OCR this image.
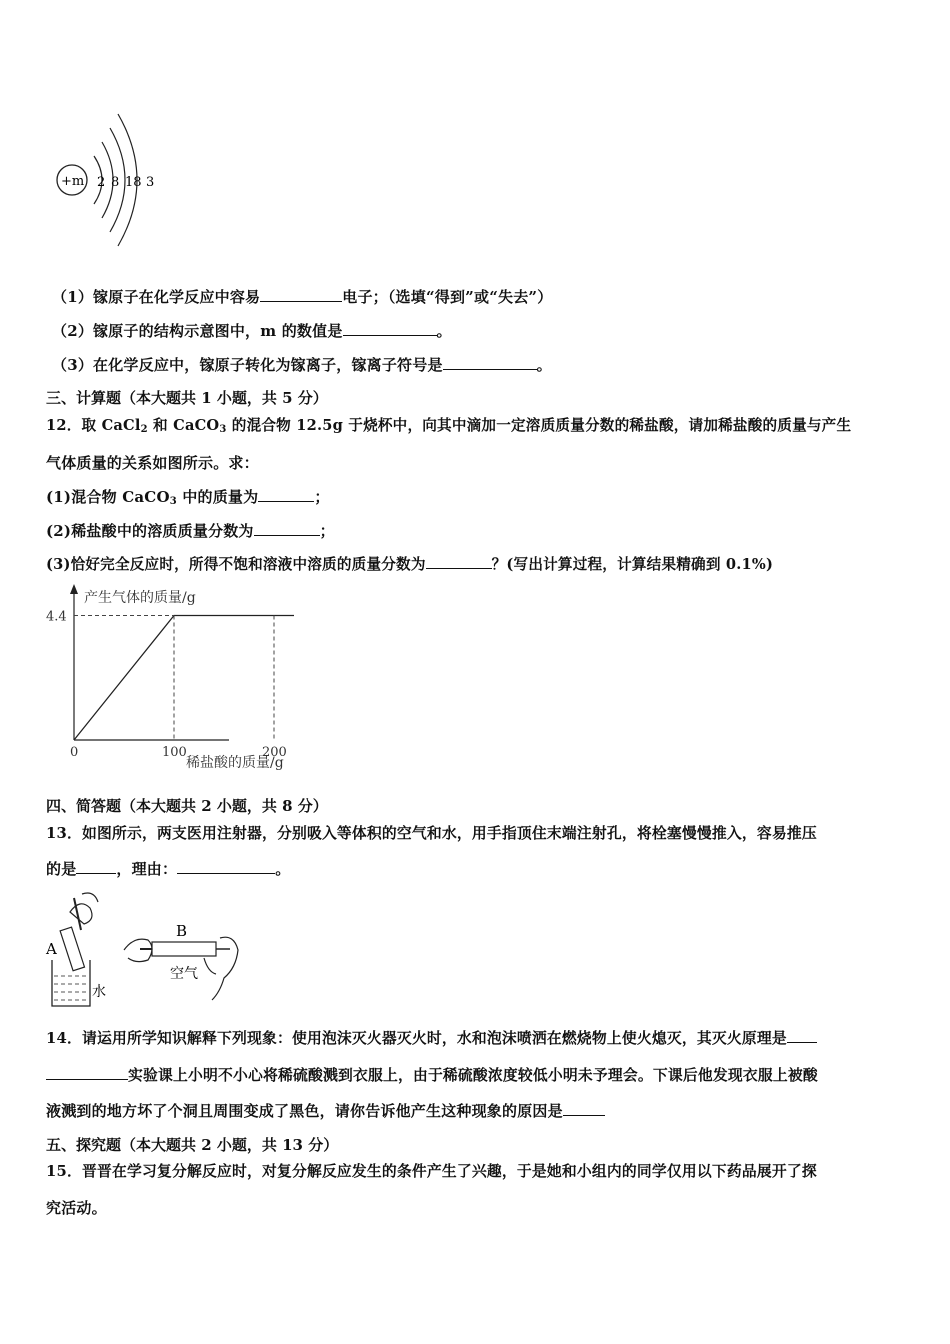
+m 2 8 18 3
（1）镓原子在化学反应中容易	电子；（选填“得到”或“失去”）
（2）镓原子的结构示意图中，m 的数值是	。
（3）在化学反应中，镓原子转化为镓离子，镓离子符号是	。
三、计算题（本大题共 1 小题，共 5 分）
12．取 CaCl$_2$ 和 CaCO$_3$ 的混合物 12.5g 于烧杯中，向其中滴加一定溶质质量分数的稀盐酸，请加稀盐酸的质量与产生
气体质量的关系如图所示。求：
(1)混合物 CaCO$_3$ 中的质量为	；
(2)稀盐酸中的溶质质量分数为	；
(3)恰好完全反应时，所得不饱和溶液中溶质的质量分数为	？(写出计算过程，计算结果精确到 0.1%)
产生气体的质量/g
稀盐酸的质量/g
0	100	200
4.4
四、简答题（本大题共 2 小题，共 8 分）
13．如图所示，两支医用注射器，分别吸入等体积的空气和水，用手指顶住末端注射孔，将栓塞慢慢推入，容易推压
的是	，理由：	。
A
水
B
空气
14．请运用所学知识解释下列现象：使用泡沫灭火器灭火时，水和泡沫喷洒在燃烧物上使火熄灭，其灭火原理是
实验课上小明不小心将稀硫酸溅到衣服上，由于稀硫酸浓度较低小明未予理会。下课后他发现衣服上被酸
液溅到的地方坏了个洞且周围变成了黑色，请你告诉他产生这种现象的原因是
五、探究题（本大题共 2 小题，共 13 分）
15．晋晋在学习复分解反应时，对复分解反应发生的条件产生了兴趣，于是她和小组内的同学仅用以下药品展开了探
究活动。
